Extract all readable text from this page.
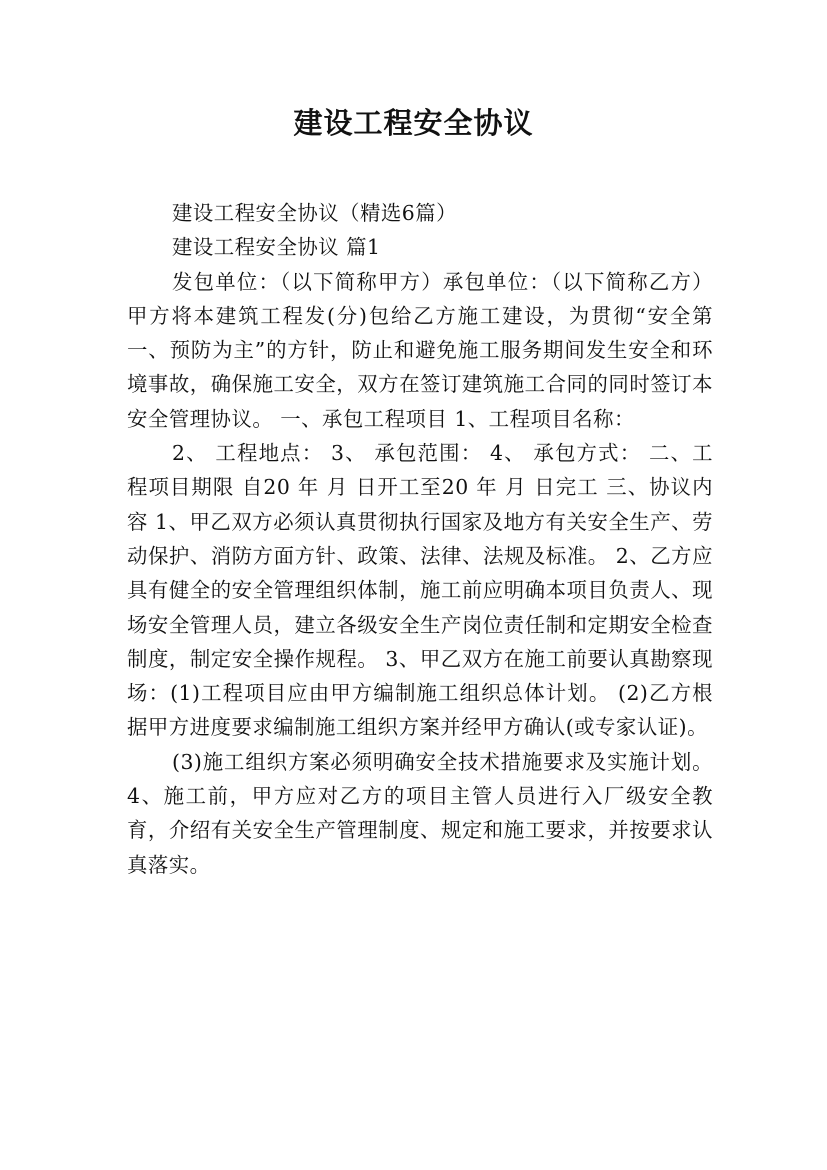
建设工程安全协议

建设工程安全协议（精选6篇）

建设工程安全协议 篇1

发包单位：（以下简称甲方）承包单位：（以下简称乙方）甲方将本建筑工程发(分)包给乙方施工建设，为贯彻“安全第一、预防为主”的方针，防止和避免施工服务期间发生安全和环境事故，确保施工安全，双方在签订建筑施工合同的同时签订本安全管理协议。 一、承包工程项目 1、工程项目名称：

2、 工程地点： 3、 承包范围： 4、 承包方式： 二、工程项目期限 自20 年 月 日开工至20 年 月 日完工 三、协议内容 1、甲乙双方必须认真贯彻执行国家及地方有关安全生产、劳动保护、消防方面方针、政策、法律、法规及标准。 2、乙方应具有健全的安全管理组织体制，施工前应明确本项目负责人、现场安全管理人员，建立各级安全生产岗位责任制和定期安全检查制度，制定安全操作规程。 3、甲乙双方在施工前要认真勘察现场：(1)工程项目应由甲方编制施工组织总体计划。 (2)乙方根据甲方进度要求编制施工组织方案并经甲方确认(或专家认证)。

(3)施工组织方案必须明确安全技术措施要求及实施计划。 4、施工前，甲方应对乙方的项目主管人员进行入厂级安全教育，介绍有关安全生产管理制度、规定和施工要求，并按要求认真落实。
